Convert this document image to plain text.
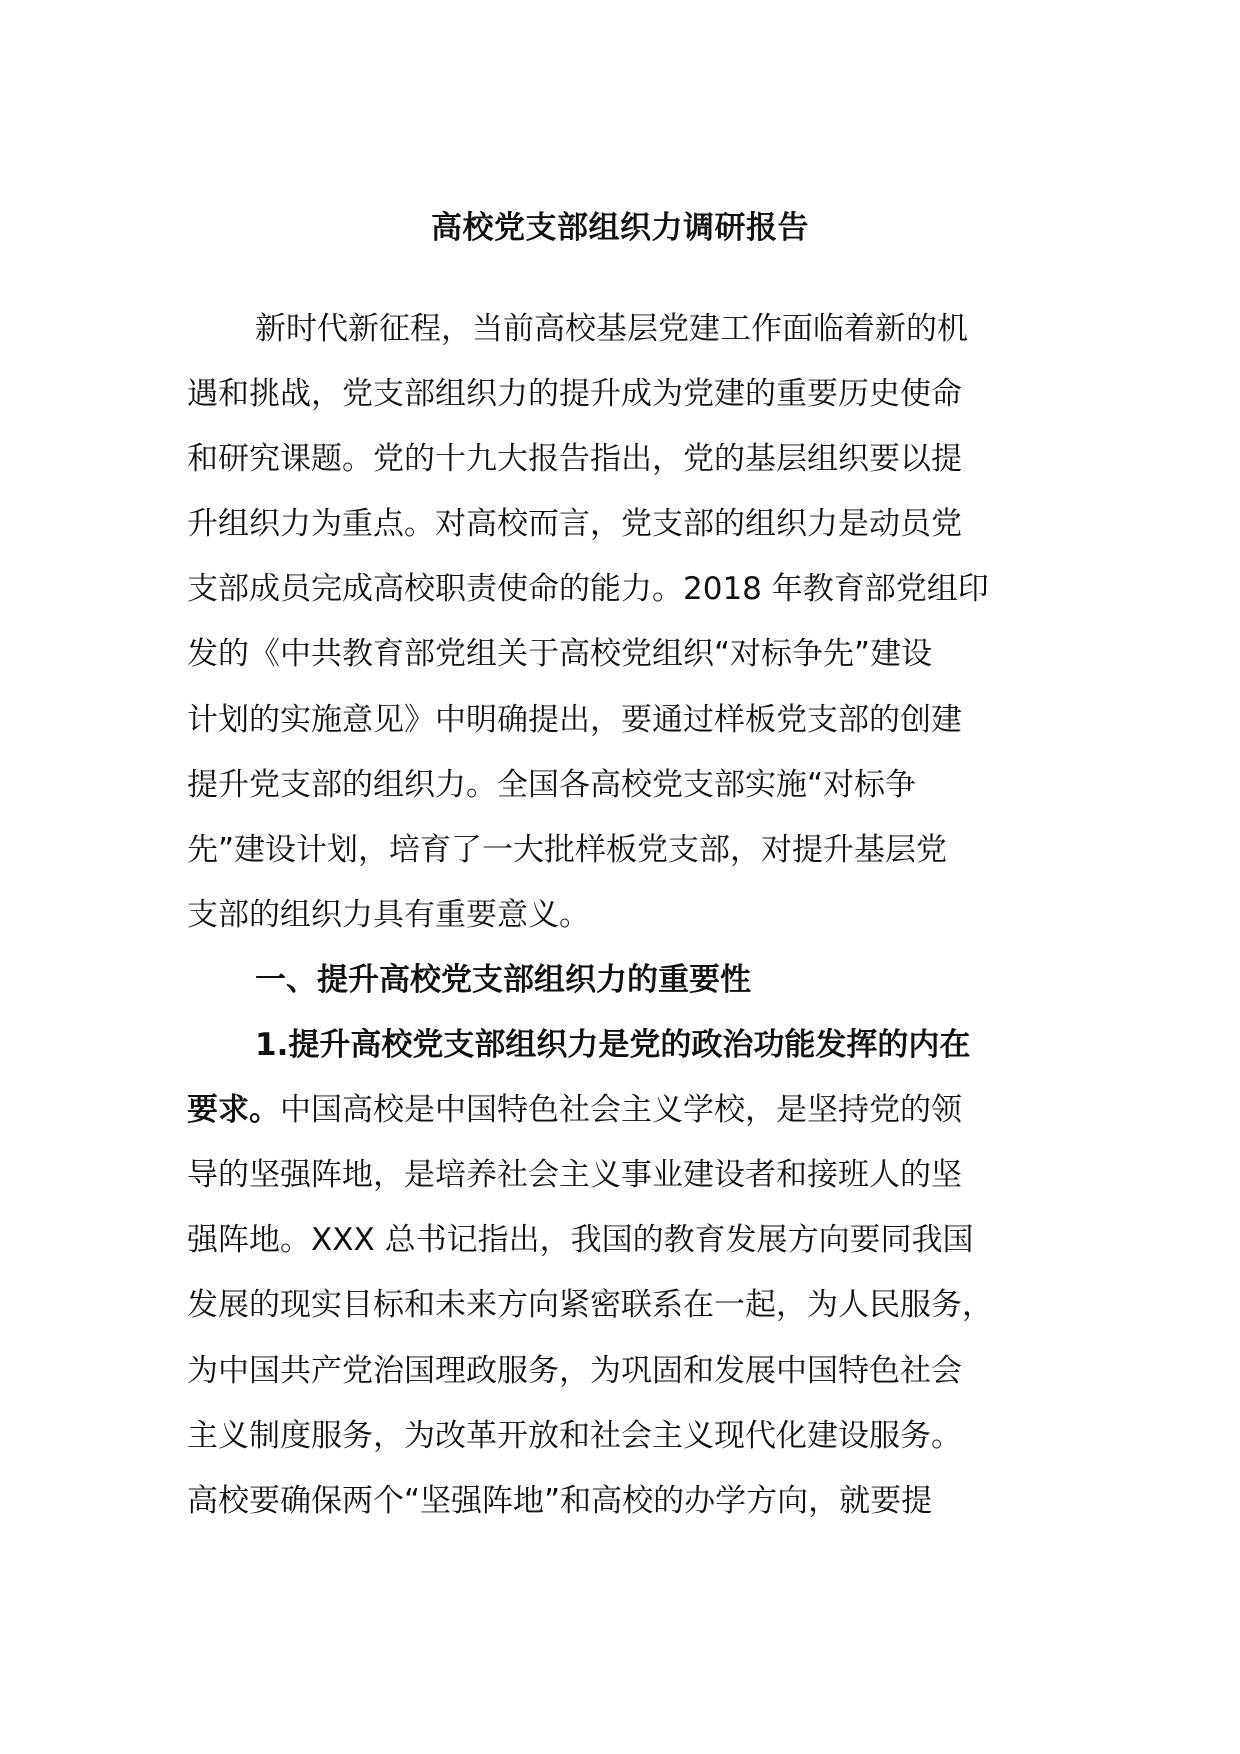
高校党支部组织力调研报告
新时代新征程，当前高校基层党建工作面临着新的机
遇和挑战，党支部组织力的提升成为党建的重要历史使命
和研究课题。党的十九大报告指出，党的基层组织要以提
升组织力为重点。对高校而言，党支部的组织力是动员党
支部成员完成高校职责使命的能力。2018 年教育部党组印
发的《中共教育部党组关于高校党组织“对标争先”建设
计划的实施意见》中明确提出，要通过样板党支部的创建
提升党支部的组织力。全国各高校党支部实施“对标争
先”建设计划，培育了一大批样板党支部，对提升基层党
支部的组织力具有重要意义。
一、提升高校党支部组织力的重要性
1.提升高校党支部组织力是党的政治功能发挥的内在
要求。中国高校是中国特色社会主义学校，是坚持党的领
导的坚强阵地，是培养社会主义事业建设者和接班人的坚
强阵地。XXX 总书记指出，我国的教育发展方向要同我国
发展的现实目标和未来方向紧密联系在一起，为人民服务，
为中国共产党治国理政服务，为巩固和发展中国特色社会
主义制度服务，为改革开放和社会主义现代化建设服务。
高校要确保两个“坚强阵地”和高校的办学方向，就要提
